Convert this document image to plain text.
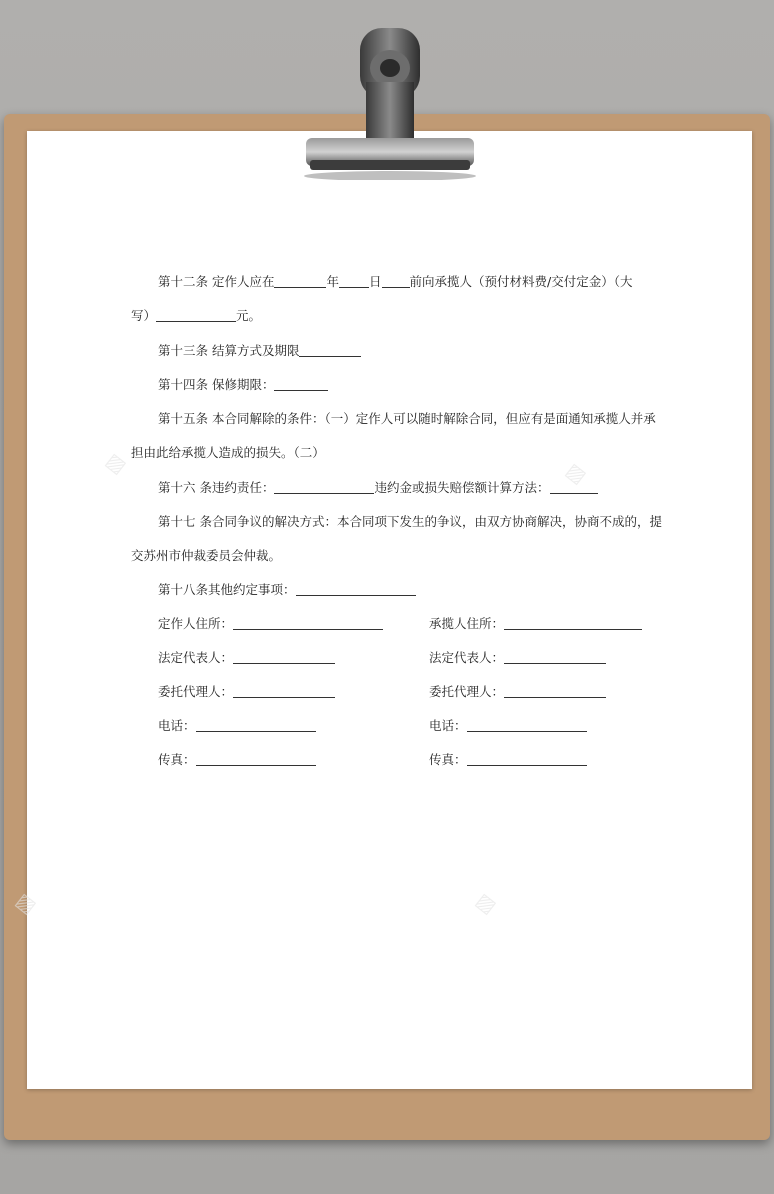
▨	▨
▨	▨
第十二条 定作人应在	年 日 前向承揽人（预付材料费/交付定金）（大
写）	元。
第十三条 结算方式及期限
第十四条 保修期限：
第十五条 本合同解除的条件：（一）定作人可以随时解除合同，但应有是面通知承揽人并承
担由此给承揽人造成的损失。（二）
第十六 条违约责任：	违约金或损失赔偿额计算方法：
第十七 条合同争议的解决方式：本合同项下发生的争议，由双方协商解决，协商不成的，提
交苏州市仲裁委员会仲裁。
第十八条其他约定事项：
定作人住所：	承揽人住所：
法定代表人：	法定代表人：
委托代理人：	委托代理人：
电话：	电话：
传真：	传真：
